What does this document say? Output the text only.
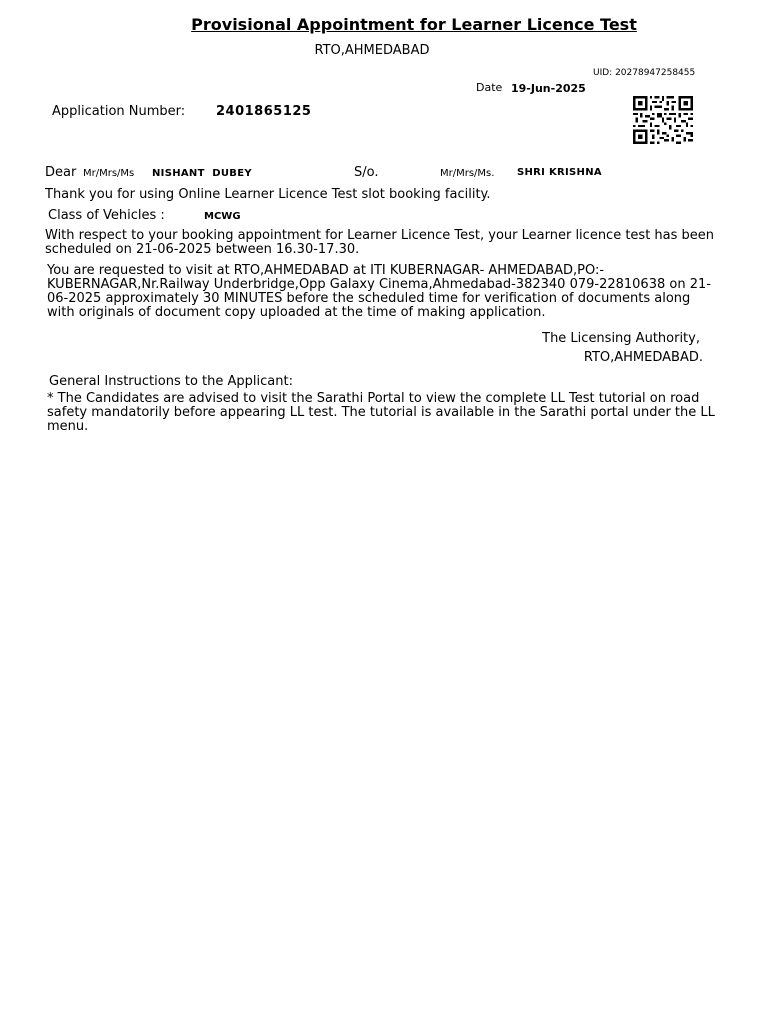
Provisional Appointment for Learner Licence Test
RTO,AHMEDABAD
UID: 20278947258455
Date 19-Jun-2025
Application Number: 2401865125
Dear Mr/Mrs/Ms NISHANT  DUBEY	S/o.	Mr/Mrs/Ms. SHRI KRISHNA
Thank you for using Online Learner Licence Test slot booking facility.
Class of Vehicles :	MCWG
With respect to your booking appointment for Learner Licence Test, your Learner licence test has been scheduled on 21-06-2025 between 16.30-17.30.
You are requested to visit at RTO,AHMEDABAD at ITI KUBERNAGAR- AHMEDABAD,PO:-KUBERNAGAR,Nr.Railway Underbridge,Opp Galaxy Cinema,Ahmedabad-382340 079-22810638 on 21-06-2025 approximately 30 MINUTES before the scheduled time for verification of documents along with originals of document copy uploaded at the time of making application.
The Licensing Authority,
RTO,AHMEDABAD.
General Instructions to the Applicant:
* The Candidates are advised to visit the Sarathi Portal to view the complete LL Test tutorial on road safety mandatorily before appearing LL test. The tutorial is available in the Sarathi portal under the LL menu.
